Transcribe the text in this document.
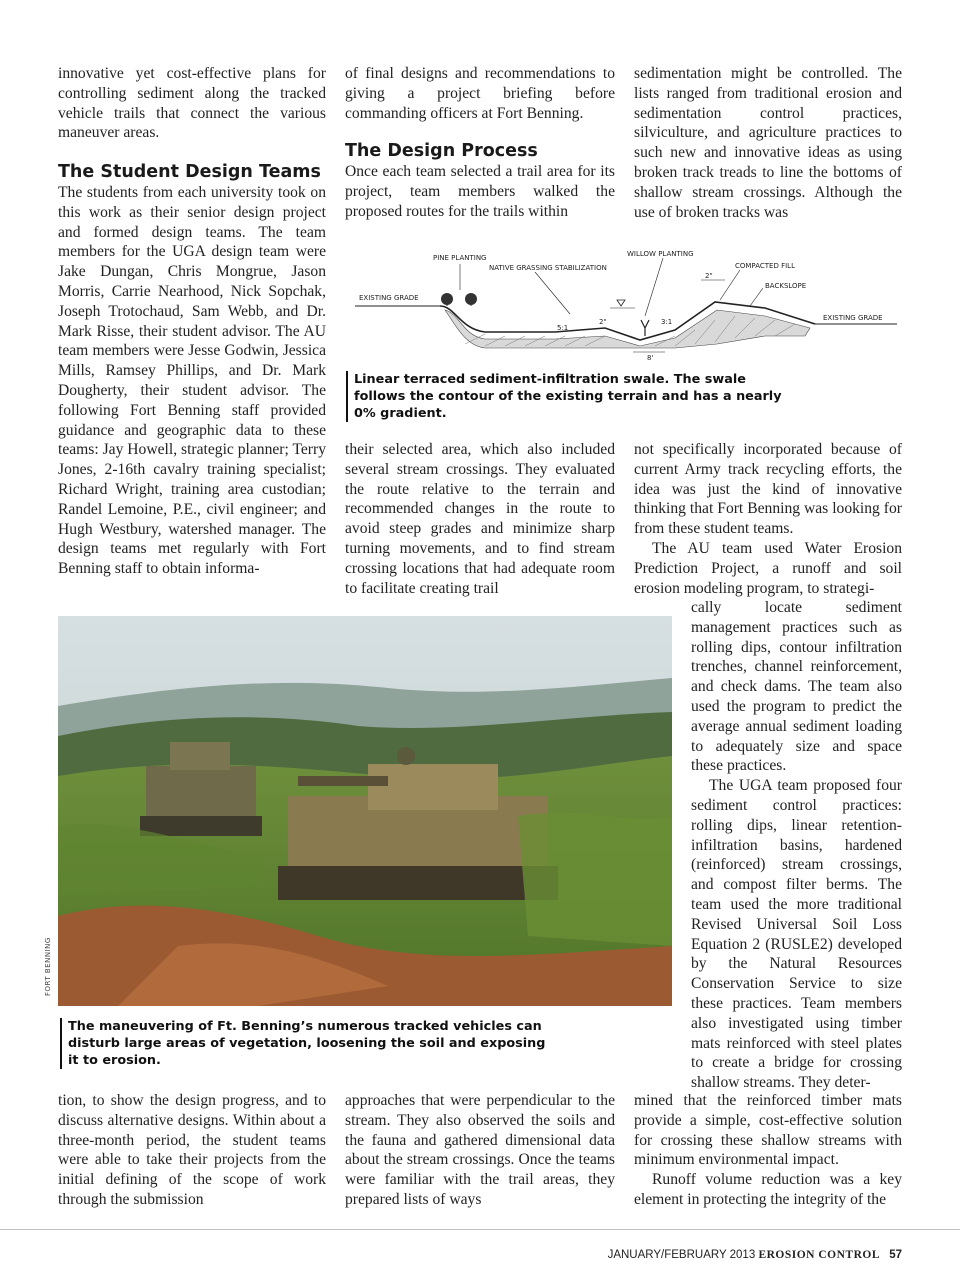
innovative yet cost-effective plans for controlling sediment along the tracked vehicle trails that connect the various maneuver areas.

The Student Design Teams

The students from each university took on this work as their senior design project and formed design teams. The team members for the UGA design team were Jake Dungan, Chris Mongrue, Jason Morris, Carrie Nearhood, Nick Sopchak, Joseph Trotochaud, Sam Webb, and Dr. Mark Risse, their student advisor. The AU team members were Jesse Godwin, Jessica Mills, Ramsey Phillips, and Dr. Mark Dougherty, their student advisor. The following Fort Benning staff provided guidance and geographic data to these teams: Jay Howell, strategic planner; Terry Jones, 2-16th cavalry training specialist; Richard Wright, training area custodian; Randel Lemoine, P.E., civil engineer; and Hugh Westbury, watershed manager. The design teams met regularly with Fort Benning staff to obtain informa-

of final designs and recommendations to giving a project briefing before commanding officers at Fort Benning.

The Design Process

Once each team selected a trail area for its project, team members walked the proposed routes for the trails within

sedimentation might be controlled. The lists ranged from traditional erosion and sedimentation control practices, silviculture, and agriculture practices to such new and innovative ideas as using broken track treads to line the bottoms of shallow stream crossings. Although the use of broken tracks was

PINE PLANTING
NATIVE GRASSING STABILIZATION
WILLOW PLANTING
COMPACTED FILL
BACKSLOPE
EXISTING GRADE
EXISTING GRADE
2"
2"
8'
5:1
3:1
Linear terraced sediment-infiltration swale. The swale follows the contour of the existing terrain and has a nearly 0% gradient.

their selected area, which also included several stream crossings. They evaluated the route relative to the terrain and recommended changes in the route to avoid steep grades and minimize sharp turning movements, and to find stream crossing locations that had adequate room to facilitate creating trail

not specifically incorporated because of current Army track recycling efforts, the idea was just the kind of innovative thinking that Fort Benning was looking for from these student teams.

The AU team used Water Erosion Prediction Project, a runoff and soil erosion modeling program, to strategi-

cally locate sediment management practices such as rolling dips, contour infiltration trenches, channel reinforcement, and check dams. The team also used the program to predict the average annual sediment loading to adequately size and space these practices.

The UGA team proposed four sediment control practices: rolling dips, linear retention-infiltration basins, hardened (reinforced) stream crossings, and compost filter berms. The team used the more traditional Revised Universal Soil Loss Equation 2 (RUSLE2) developed by the Natural Resources Conservation Service to size these practices. Team members also investigated using timber mats reinforced with steel plates to create a bridge for crossing shallow streams. They deter-

mined that the reinforced timber mats provide a simple, cost-effective solution for crossing these shallow streams with minimum environmental impact.

Runoff volume reduction was a key element in protecting the integrity of the

FORT BENNING
The maneuvering of Ft. Benning’s numerous tracked vehicles can disturb large areas of vegetation, loosening the soil and exposing it to erosion.

tion, to show the design progress, and to discuss alternative designs. Within about a three-month period, the student teams were able to take their projects from the initial defining of the scope of work through the submission

approaches that were perpendicular to the stream. They also observed the soils and the fauna and gathered dimensional data about the stream crossings. Once the teams were familiar with the trail areas, they prepared lists of ways

JANUARY/FEBRUARY 2013 EROSION CONTROL 57
